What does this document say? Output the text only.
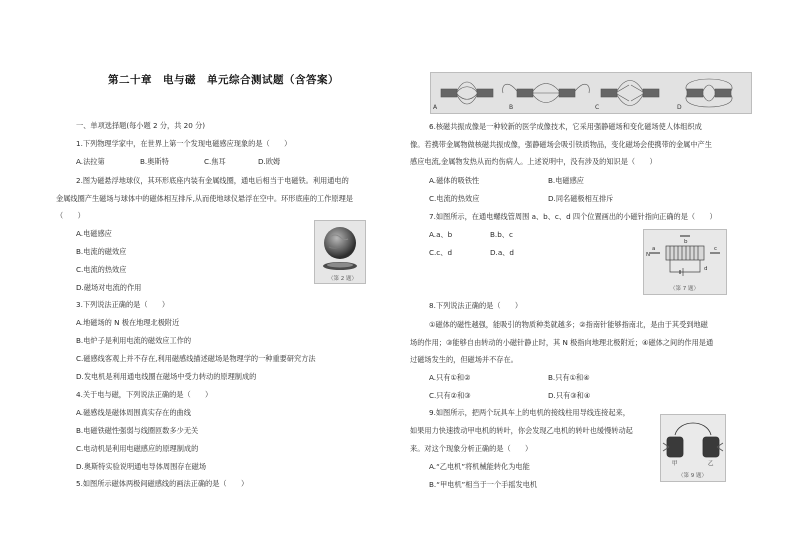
第二十章　电与磁　单元综合测试题（含答案）
一、单项选择题(每小题 2 分，共 20 分)
1.下列物理学家中，在世界上第一个发现电磁感应现象的是（　　）
A.法拉第	B.奥斯特	C.焦耳	D.欧姆
2.图为磁悬浮地球仪，其环形底座内装有金属线圈，通电后相当于电磁铁。利用通电的
金属线圈产生磁场与球体中的磁体相互排斥,从而使地球仪悬浮在空中。环形底座的工作原理是
（　　）
A.电磁感应
B.电流的磁效应
C.电流的热效应
D.磁场对电流的作用
（第 2 题）
3.下列说法正确的是（　　）
A.地磁场的 N 极在地理北极附近
B.电炉子是利用电流的磁效应工作的
C.磁感线客观上并不存在,利用磁感线描述磁场是物理学的一种重要研究方法
D.发电机是利用通电线圈在磁场中受力转动的原理制成的
4.关于电与磁，下列说法正确的是（　　）
A.磁感线是磁体周围真实存在的曲线
B.电磁铁磁性强弱与线圈匝数多少无关
C.电动机是利用电磁感应的原理制成的
D.奥斯特实验说明通电导体周围存在磁场
5.如图所示磁体两极间磁感线的画法正确的是（　　）
A	B	C	D
6.核磁共振成像是一种较新的医学成像技术，它采用强静磁场和变化磁场使人体组织成
像。若携带金属物做核磁共振成像，强静磁场会吸引铁质物品，变化磁场会使携带的金属中产生
感应电流,金属物发热从而灼伤病人。上述说明中，没有涉及的知识是（　　）
A.磁体的吸铁性	B.电磁感应
C.电流的热效应	D.同名磁极相互排斥
7.如图所示，在通电螺线管周围 a、b、c、d 四个位置画出的小磁针指向正确的是（　　）
A.a、b	B.b、c
C.c、d	D.a、d	a
b
c
d
N
（第 7 题）
8.下列说法正确的是（　　）
①磁体的磁性越强，能吸引的物质种类就越多；②指南针能够指南北，是由于其受到地磁
场的作用；③能够自由转动的小磁针静止时，其 N 极指向地理北极附近；④磁体之间的作用是通
过磁场发生的，但磁场并不存在。
A.只有①和②	B.只有①和④
C.只有②和③	D.只有③和④
9.如图所示，把两个玩具车上的电机的接线柱用导线连接起来，
如果用力快速拨动甲电机的转叶，你会发现乙电机的转叶也缓慢转动起
来。对这个现象分析正确的是（　　）
A.“乙电机”将机械能转化为电能
B.“甲电机”相当于一个手摇发电机
甲	乙
（第 9 题）
